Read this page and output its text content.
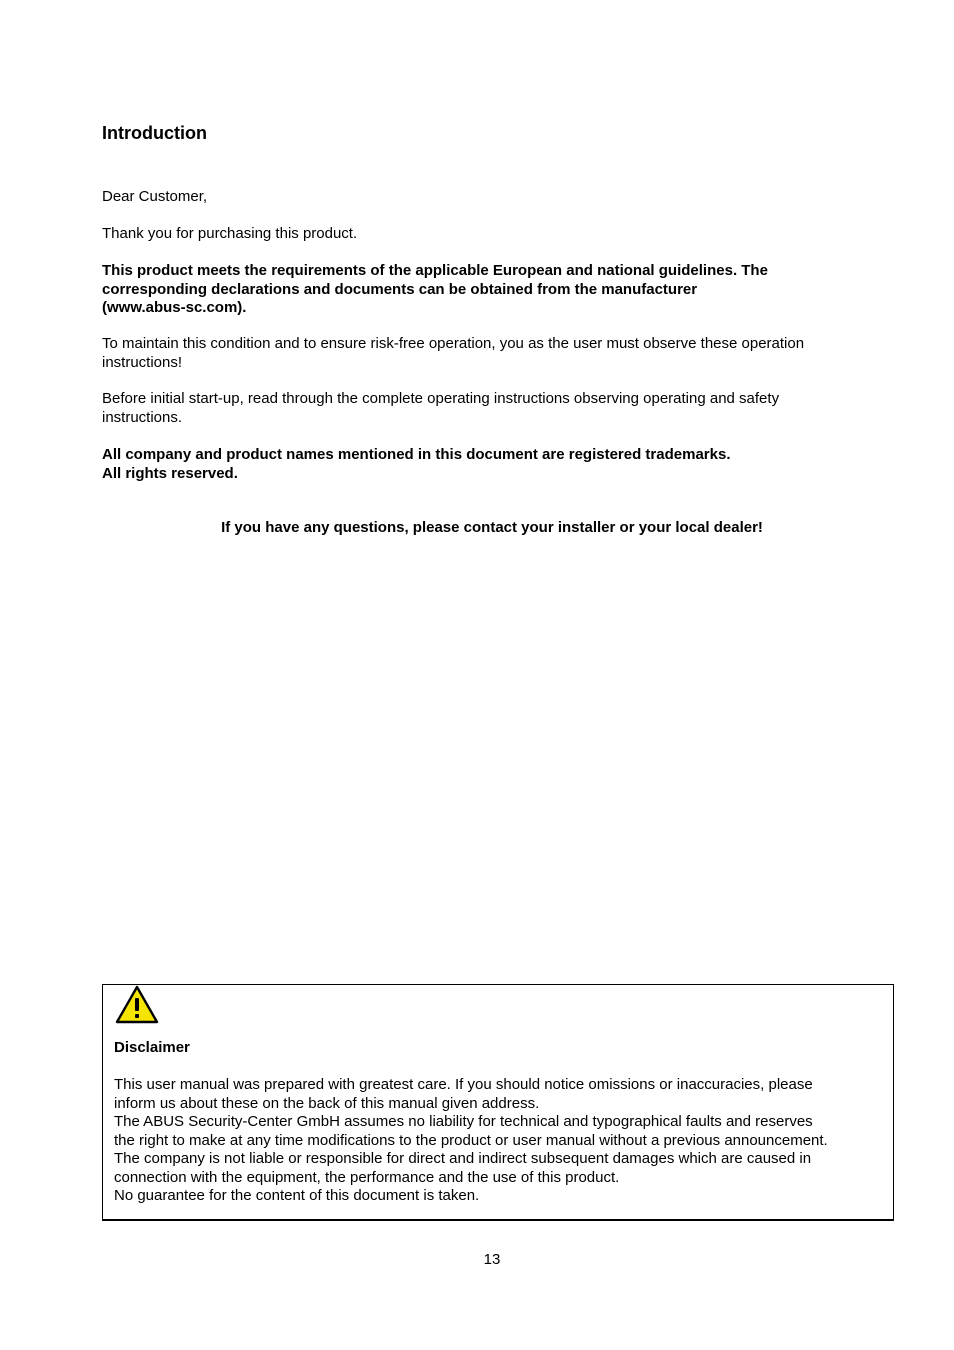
Introduction

Dear Customer,

Thank you for purchasing this product.

This product meets the requirements of the applicable European and national guidelines. The
corresponding declarations and documents can be obtained from the manufacturer
(www.abus-sc.com).
To maintain this condition and to ensure risk-free operation, you as the user must observe these operation
instructions!
Before initial start-up, read through the complete operating instructions observing operating and safety
instructions.
All company and product names mentioned in this document are registered trademarks.
All rights reserved.

If you have any questions, please contact your installer or your local dealer!

Disclaimer

This user manual was prepared with greatest care. If you should notice omissions or inaccuracies, please
inform us about these on the back of this manual given address.
The ABUS Security-Center GmbH assumes no liability for technical and typographical faults and reserves
the right to make at any time modifications to the product or user manual without a previous announcement.
The company is not liable or responsible for direct and indirect subsequent damages which are caused in
connection with the equipment, the performance and the use of this product.
No guarantee for the content of this document is taken.

13
